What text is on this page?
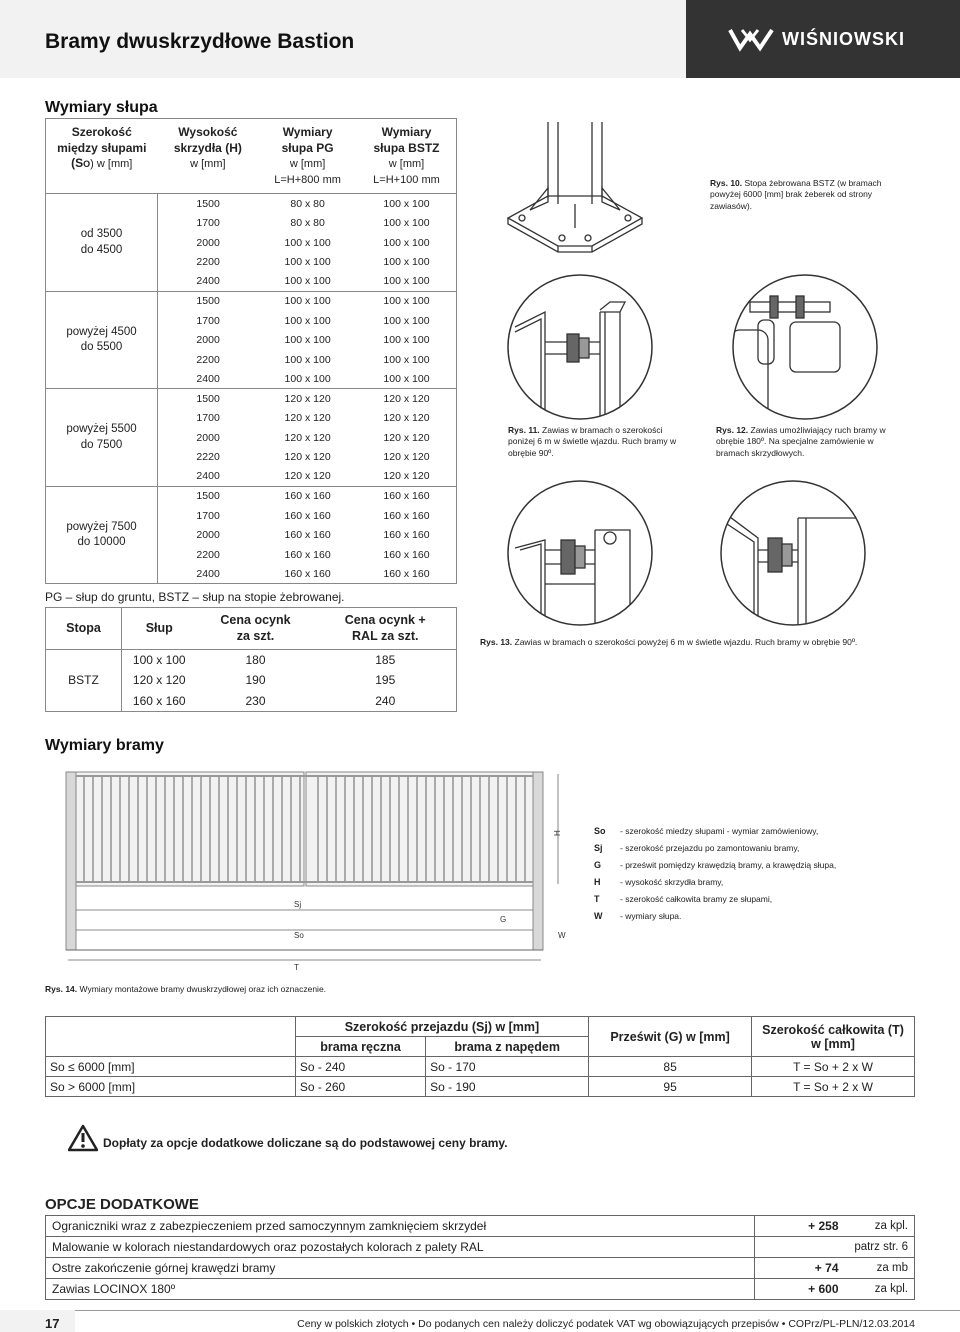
Bramy dwuskrzydłowe Bastion	WIŚNIOWSKI
Wymiary słupa
Szerokość
między słupami
(SO) w [mm]	Wysokość
skrzydła (H)
w [mm]	Wymiary
słupa PG
w [mm]
L=H+800 mm	Wymiary
słupa BSTZ
w [mm]
L=H+100 mm
od 3500
do 4500	1500	80 x 80	100 x 100
	1700	80 x 80	100 x 100
	2000	100 x 100	100 x 100
	2200	100 x 100	100 x 100
	2400	100 x 100	100 x 100
powyżej 4500
do 5500	1500	100 x 100	100 x 100
	1700	100 x 100	100 x 100
	2000	100 x 100	100 x 100
	2200	100 x 100	100 x 100
	2400	100 x 100	100 x 100
powyżej 5500
do 7500	1500	120 x 120	120 x 120
	1700	120 x 120	120 x 120
	2000	120 x 120	120 x 120
	2220	120 x 120	120 x 120
	2400	120 x 120	120 x 120
powyżej 7500
do 10000	1500	160 x 160	160 x 160
	1700	160 x 160	160 x 160
	2000	160 x 160	160 x 160
	2200	160 x 160	160 x 160
	2400	160 x 160	160 x 160
PG – słup do gruntu, BSTZ – słup na stopie żebrowanej.
Stopa	Słup	Cena ocynk za szt.	Cena ocynk + RAL za szt.
BSTZ	100 x 100	180	185
	120 x 120	190	195
	160 x 160	230	240
Rys. 10. Stopa żebrowana BSTZ (w bramach powyżej 6000 [mm] brak żeberek od strony zawiasów).
Rys. 11. Zawias w bramach o szerokości poniżej 6 m w świetle wjazdu. Ruch bramy w obrębie 90º.
Rys. 12. Zawias umożliwiający ruch bramy w obrębie 180º. Na specjalne zamówienie w bramach skrzydłowych.
Rys. 13. Zawias w bramach o szerokości powyżej 6 m w świetle wjazdu. Ruch bramy w obrębie 90º.
Wymiary bramy
H
Sj
G
So	W
T
Rys. 14. Wymiary montażowe bramy dwuskrzydłowej oraz ich oznaczenie.
So - szerokość miedzy słupami - wymiar zamówieniowy,
Sj - szerokość przejazdu po zamontowaniu bramy,
G - prześwit pomiędzy krawędzią bramy, a krawędzią słupa,
H - wysokość skrzydła bramy,
T - szerokość całkowita bramy ze słupami,
W - wymiary słupa.
	Szerokość przejazdu (Sj) w [mm]		Prześwit (G) w [mm]	Szerokość całkowita (T) w [mm]
	brama ręczna	brama z napędem		
So ≤ 6000 [mm]	So - 240	So - 170	85	T = So + 2 x W
So > 6000 [mm]	So - 260	So - 190	95	T = So + 2 x W
Dopłaty za opcje dodatkowe doliczane są do podstawowej ceny bramy.
OPCJE DODATKOWE
Ograniczniki wraz z zabezpieczeniem przed samoczynnym zamknięciem skrzydeł	+ 258	za kpl.
Malowanie w kolorach niestandardowych oraz pozostałych kolorach z palety RAL		patrz str. 6
Ostre zakończenie górnej krawędzi bramy	+ 74	za mb
Zawias LOCINOX 180º	+ 600	za kpl.
17	Ceny w polskich złotych • Do podanych cen należy doliczyć podatek VAT wg obowiązujących przepisów • COPrz/PL-PLN/12.03.2014
